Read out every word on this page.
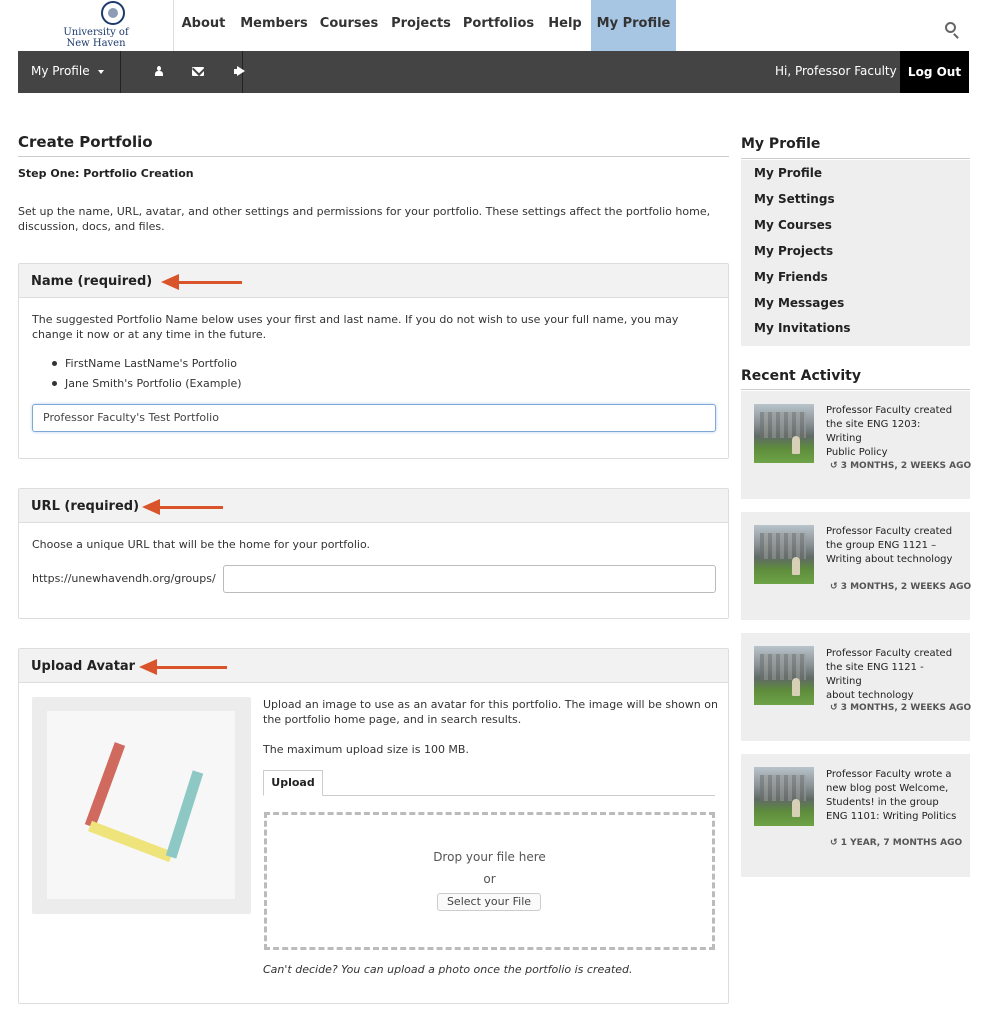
University of
New Haven
About	Members Courses Projects Portfolios	Help	My Profile
My Profile	Hi, Professor Faculty Log Out
Create Portfolio
Step One: Portfolio Creation
Set up the name, URL, avatar, and other settings and permissions for your portfolio. These settings affect the portfolio home, discussion, docs, and files.
Name (required)
The suggested Portfolio Name below uses your first and last name. If you do not wish to use your full name, you may change it now or at any time in the future.
FirstName LastName's Portfolio
Jane Smith's Portfolio (Example)
Professor Faculty's Test Portfolio
URL (required)
Choose a unique URL that will be the home for your portfolio.
https://unewhavendh.org/groups/
Upload Avatar
Upload an image to use as an avatar for this portfolio. The image will be shown on the portfolio home page, and in search results.
The maximum upload size is 100 MB.
Upload
Drop your file here
or
Select your File
Can't decide? You can upload a photo once the portfolio is created.
My Profile
My Profile
My Settings
My Courses
My Projects
My Friends
My Messages
My Invitations
Recent Activity
Professor Faculty created
the site ENG 1203: Writing
Public Policy
↺ 3 MONTHS, 2 WEEKS AGO
Professor Faculty created
the group ENG 1121 –
Writing about technology
↺ 3 MONTHS, 2 WEEKS AGO
Professor Faculty created
the site ENG 1121 - Writing
about technology
↺ 3 MONTHS, 2 WEEKS AGO
Professor Faculty wrote a
new blog post Welcome,
Students! in the group
ENG 1101: Writing Politics
↺ 1 YEAR, 7 MONTHS AGO
